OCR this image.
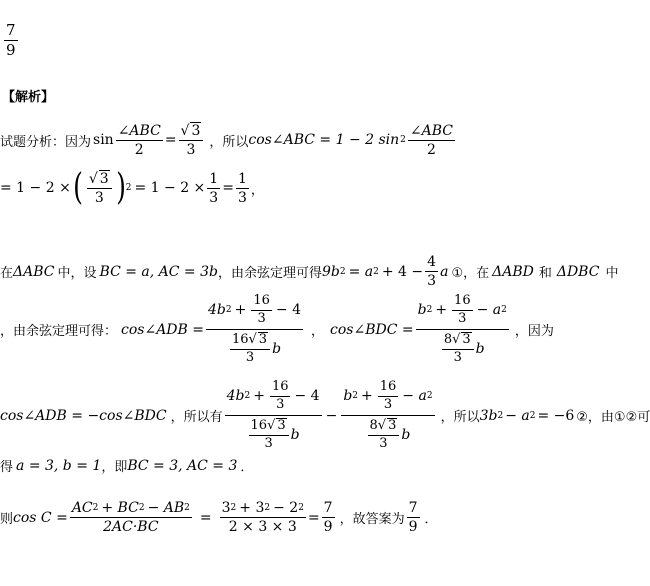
$\frac{7}{9}$
【解析】
试题分析：因为 $\sin \frac{\text{∠ABC}}{2} = \frac{√ 3}{3}$ ，所以 cos∠ABC = 1 − 2 $\sin 2 \frac{\text{∠ABC}}{2}$
= 1 − 2 × ( $\frac{√ 3}{3}$ ) $2 = 1 - 2 \times \frac{1}{3} = \frac{1}{3}$ ，
在 ΔABC 中，设 BC = a, AC = 3b ，由余弦定理可得 9b 2 = a $2 + 4 - \frac{4}{3}$ a ①，在 ΔABD 和 ΔDBC 中
，由余弦定理可得： cos∠ADB = $\frac{4b 2 + \frac{16}{3} - 4}{\frac{16√ 3}{3} b}$ ， cos∠BDC = $\frac{b 2 + \frac{16}{3} - a 2}{\frac{8√ 3}{3} b}$ ，因为
cos∠ADB = −cos∠BDC ，所以有 $\frac{4b 2 + \frac{16}{3} - 4}{\frac{16√ 3}{3} b} - \frac{b 2 + \frac{16}{3} - a 2}{\frac{8√ 3}{3} b}$ ，所以 3b 2 − a 2 = −6 ②，由①②可
得 a = 3, b = 1 ，即 BC = 3, AC = 3 ．
则 $\cos C = \frac{AC 2 + BC 2 - AB 2}{2AC\cdot BC} = \frac{3 2 + 3 2 - 2 2}{2 \times 3 \times 3} = \frac{7}{9}$ ，故答案为 $\frac{7}{9}$ ．
